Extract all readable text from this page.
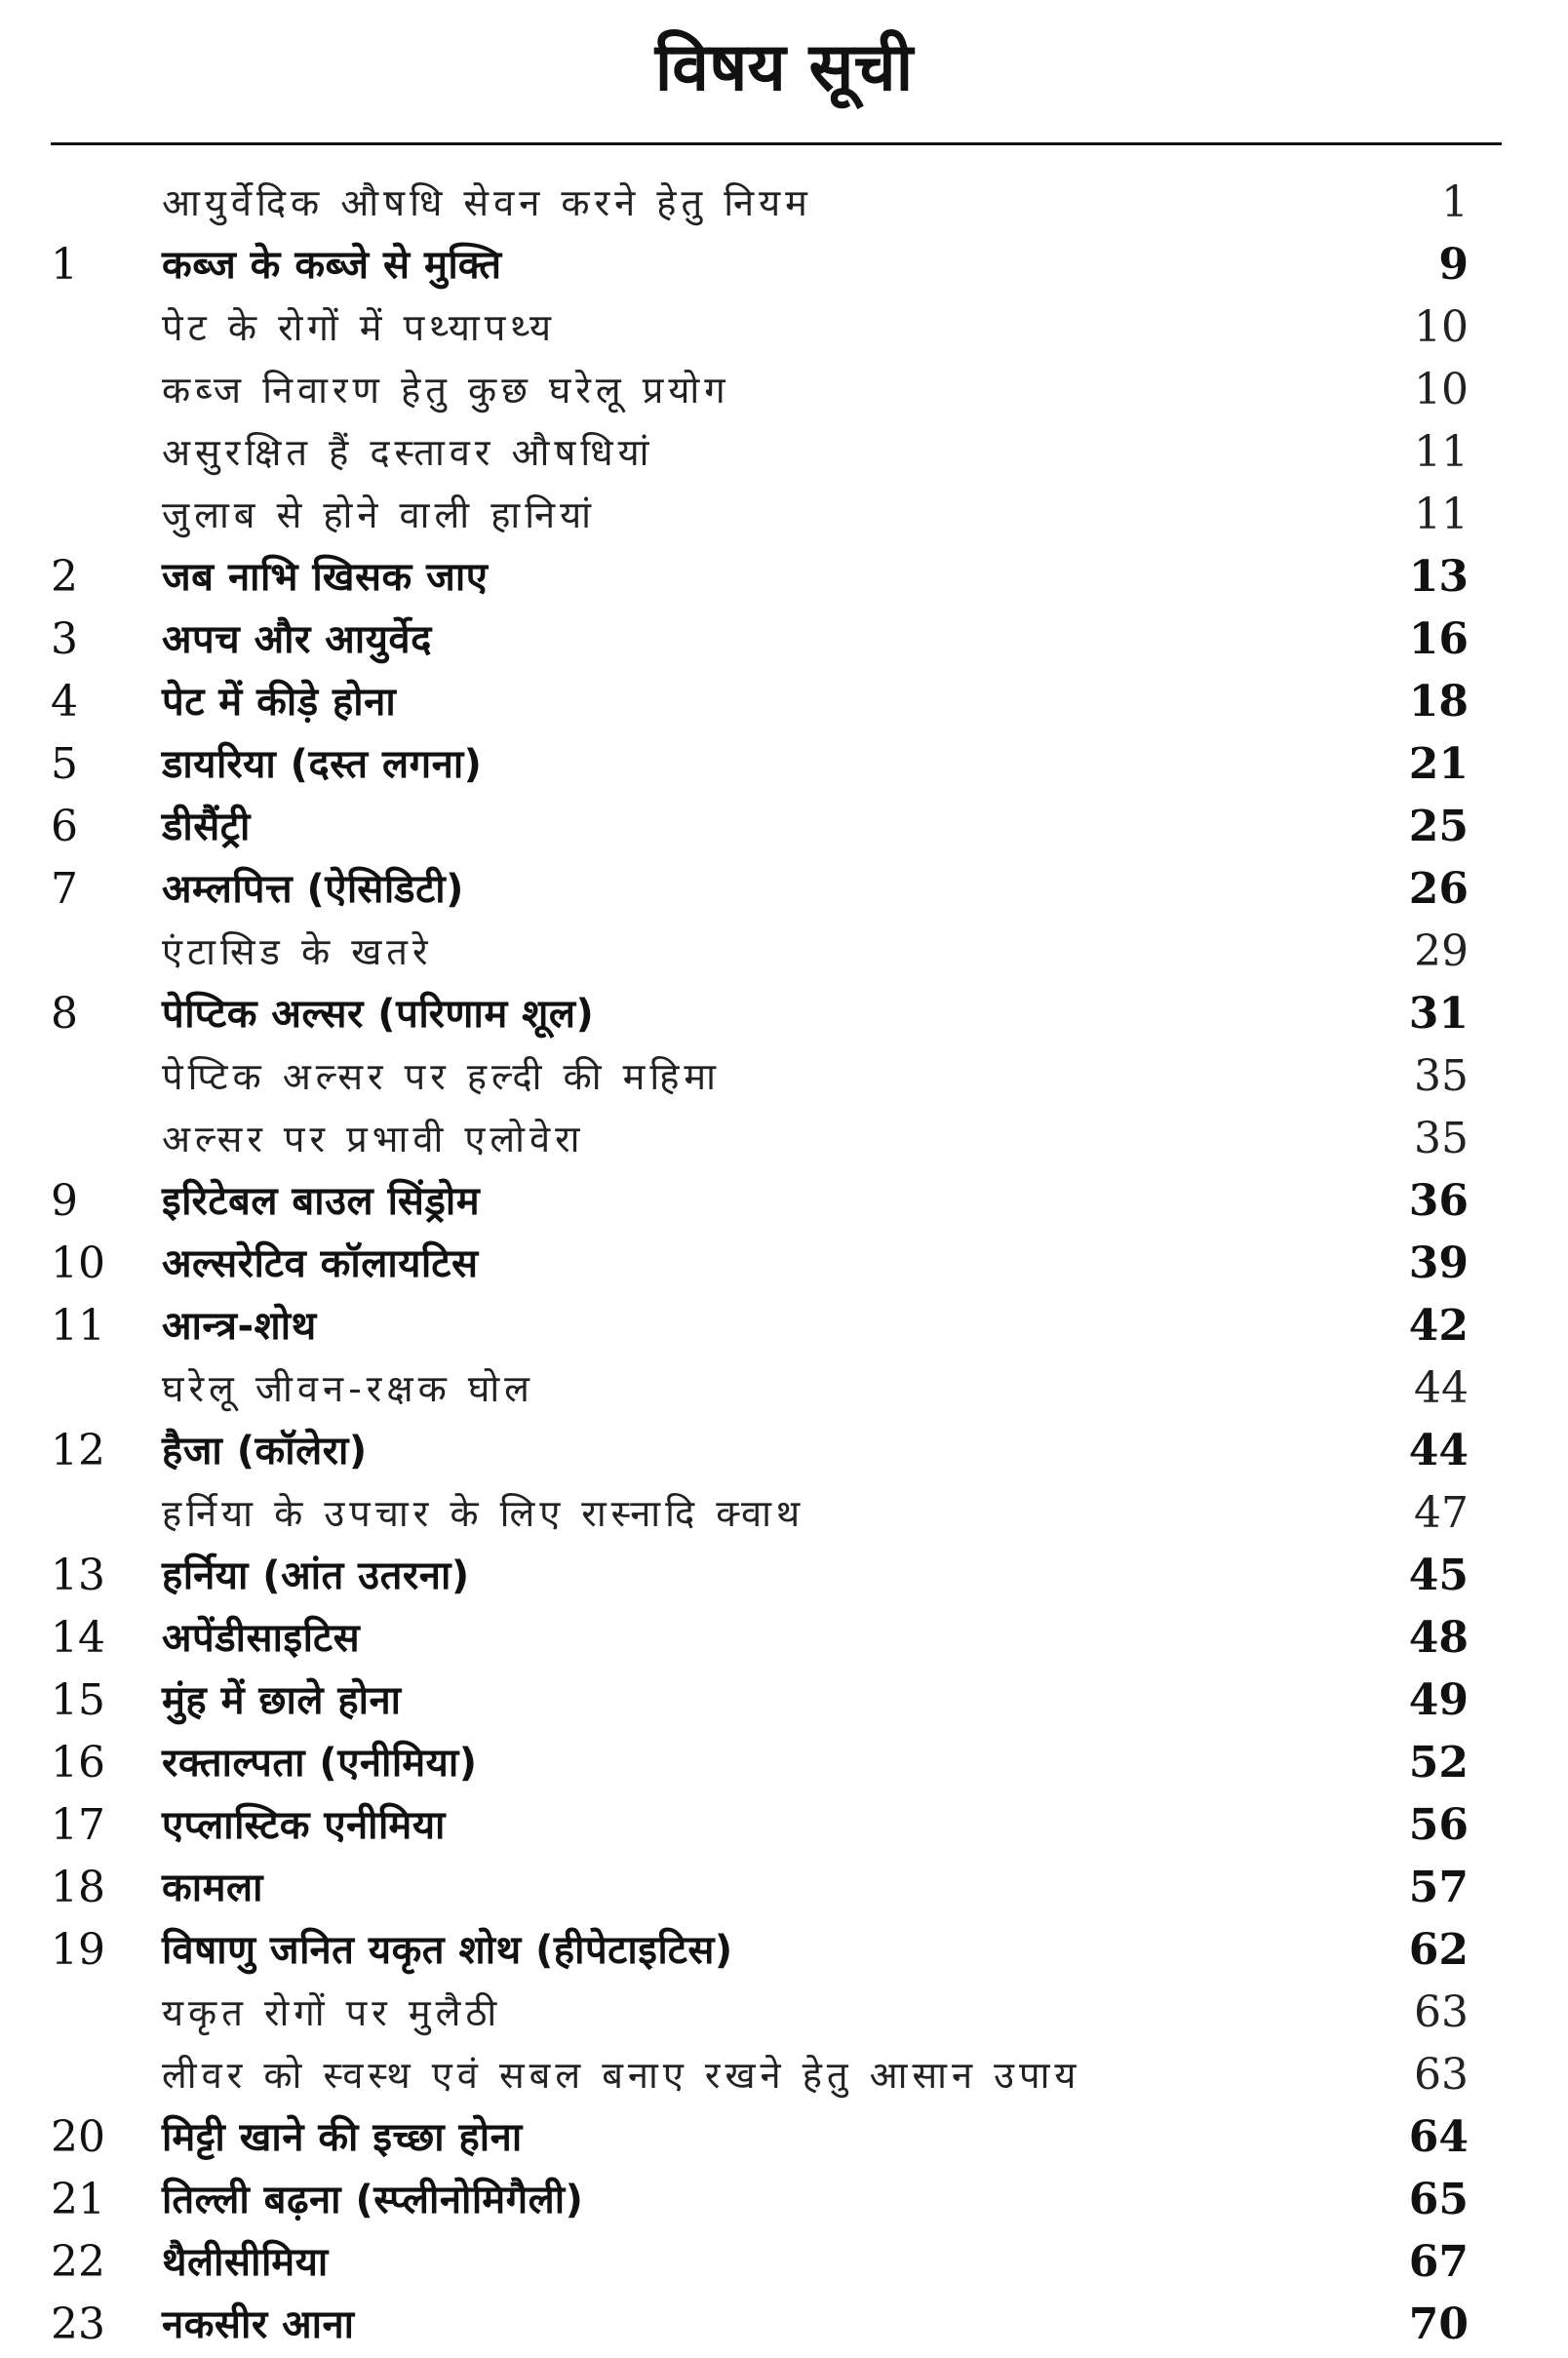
विषय सूची
आयुर्वेदिक औषधि सेवन करने हेतु नियम	1
1	कब्ज के कब्जे से मुक्ति	9
पेट के रोगों में पथ्यापथ्य	10
कब्ज निवारण हेतु कुछ घरेलू प्रयोग	10
असुरक्षित हैं दस्तावर औषधियां	11
जुलाब से होने वाली हानियां	11
2	जब नाभि खिसक जाए	13
3	अपच और आयुर्वेद	16
4	पेट में कीड़े होना	18
5	डायरिया (दस्त लगना)	21
6	डीसैंट्री	25
7	अम्लपित्त (ऐसिडिटी)	26
एंटासिड के खतरे	29
8	पेप्टिक अल्सर (परिणाम शूल)	31
पेप्टिक अल्सर पर हल्दी की महिमा	35
अल्सर पर प्रभावी एलोवेरा	35
9	इरिटेबल बाउल सिंड्रोम	36
10	अल्सरेटिव कॉलायटिस	39
11	आन्त्र-शोथ	42
घरेलू जीवन-रक्षक घोल	44
12	हैजा (कॉलेरा)	44
हर्निया के उपचार के लिए रास्नादि क्वाथ	47
13	हर्निया (आंत उतरना)	45
14	अपेंडीसाइटिस	48
15	मुंह में छाले होना	49
16	रक्ताल्पता (एनीमिया)	52
17	एप्लास्टिक एनीमिया	56
18	कामला	57
19	विषाणु जनित यकृत शोथ (हीपेटाइटिस)	62
यकृत रोगों पर मुलैठी	63
लीवर को स्वस्थ एवं सबल बनाए रखने हेतु आसान उपाय	63
20	मिट्टी खाने की इच्छा होना	64
21	तिल्ली बढ़ना (स्प्लीनोमिगैली)	65
22	थैलीसीमिया	67
23	नकसीर आना	70
